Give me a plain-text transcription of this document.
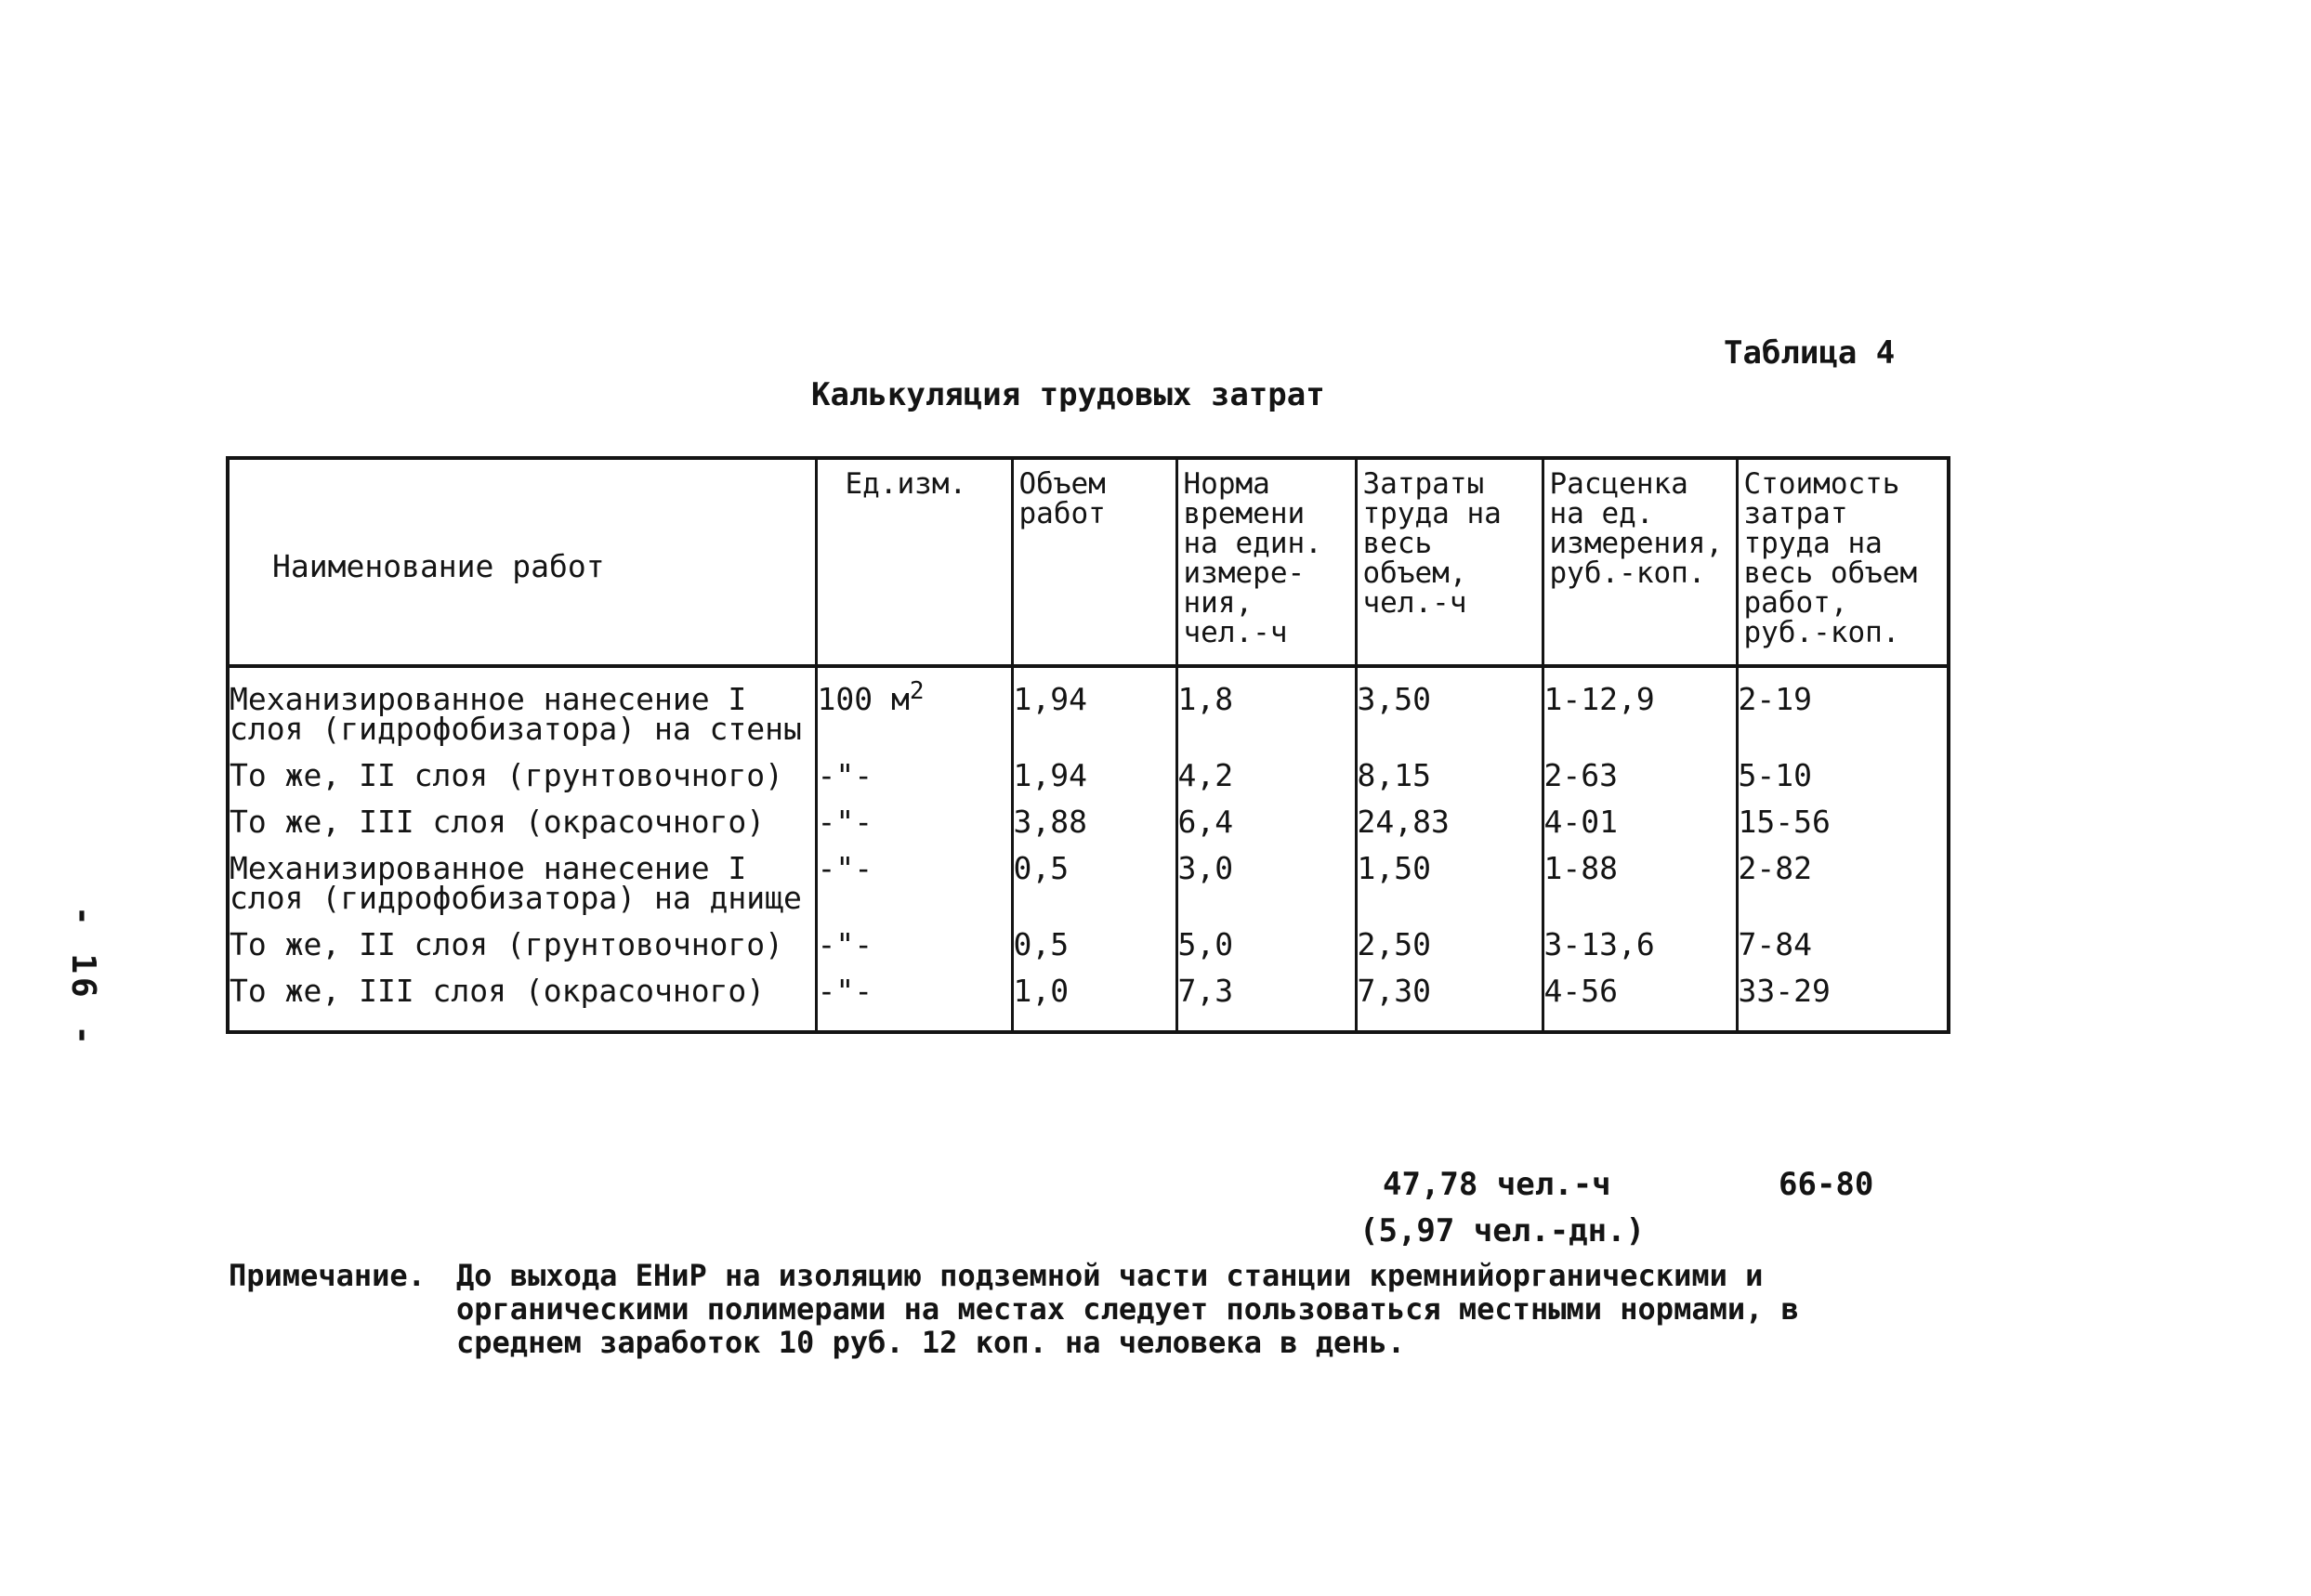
- 16 -
Таблица 4
Калькуляция трудовых затрат
Наименование работ	Ед.изм.	Объем работ	Норма времени на един. измере-ния, чел.-ч	Затраты труда на весь объем, чел.-ч	Расценка на ед. измерения, руб.-коп.	Стоимость затрат труда на весь объем работ, руб.-коп.
Механизированное нанесение I слоя (гидрофобизатора) на стены	100 $м^2$	1,94	1,8	3,50	1-12,9	2-19
То же, II слоя (грунтовочного)	-"-	1,94	4,2	8,15	2-63	5-10
То же, III слоя (окрасочного)	-"-	3,88	6,4	24,83	4-01	15-56
Механизированное нанесение I слоя (гидрофобизатора) на днище	-"-	0,5	3,0	1,50	1-88	2-82
То же, II слоя (грунтовочного)	-"-	0,5	5,0	2,50	3-13,6	7-84
То же, III слоя (окрасочного)	-"-	1,0	7,3	7,30	4-56	33-29
47,78 чел.-ч
(5,97 чел.-дн.)
66-80
Примечание.	До выхода ЕНиР на изоляцию подземной части станции кремнийорганическими и органическими полимерами на местах следует пользоваться местными нормами, в среднем заработок 10 руб. 12 коп. на человека в день.
